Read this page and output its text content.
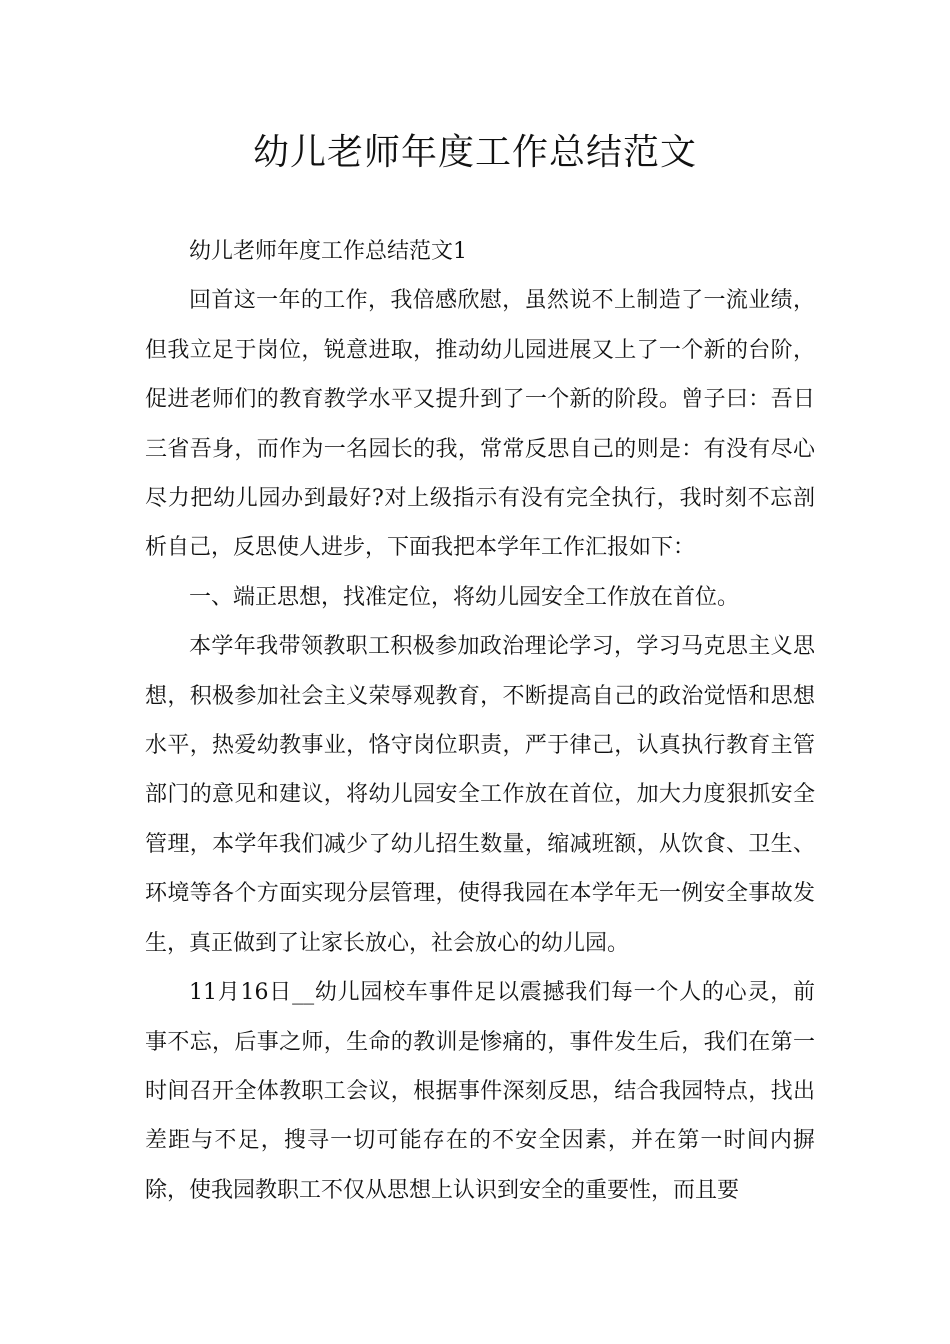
幼儿老师年度工作总结范文

幼儿老师年度工作总结范文1

回首这一年的工作，我倍感欣慰，虽然说不上制造了一流业绩，但我立足于岗位，锐意进取，推动幼儿园进展又上了一个新的台阶，促进老师们的教育教学水平又提升到了一个新的阶段。曾子曰：吾日三省吾身，而作为一名园长的我，常常反思自己的则是：有没有尽心尽力把幼儿园办到最好?对上级指示有没有完全执行，我时刻不忘剖析自己，反思使人进步，下面我把本学年工作汇报如下：

一、端正思想，找准定位，将幼儿园安全工作放在首位。

本学年我带领教职工积极参加政治理论学习，学习马克思主义思想，积极参加社会主义荣辱观教育，不断提高自己的政治觉悟和思想水平，热爱幼教事业，恪守岗位职责，严于律己，认真执行教育主管部门的意见和建议，将幼儿园安全工作放在首位，加大力度狠抓安全管理，本学年我们减少了幼儿招生数量，缩减班额，从饮食、卫生、环境等各个方面实现分层管理，使得我园在本学年无一例安全事故发生，真正做到了让家长放心，社会放心的幼儿园。

11月16日__幼儿园校车事件足以震撼我们每一个人的心灵，前事不忘，后事之师，生命的教训是惨痛的，事件发生后，我们在第一时间召开全体教职工会议，根据事件深刻反思，结合我园特点，找出差距与不足，搜寻一切可能存在的不安全因素，并在第一时间内摒除，使我园教职工不仅从思想上认识到安全的重要性，而且要
